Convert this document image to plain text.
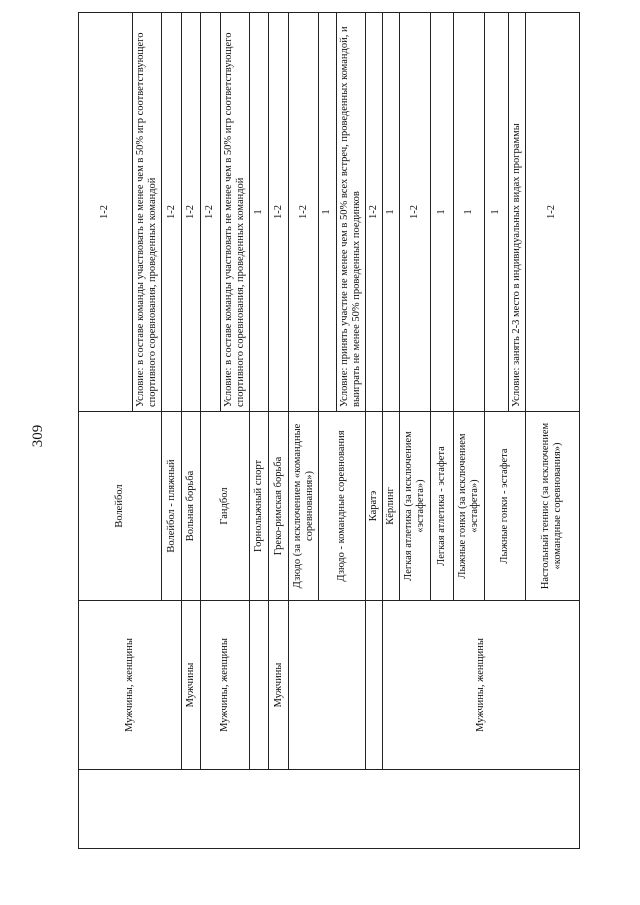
309
	Мужчины, женщины	Волейбол	1-2
			Условие: в составе команды участвовать не менее чем в 50% игр соответствующего спортивного соревнования, проведенных командой
		Волейбол - пляжный	1-2
	Мужчины	Вольная борьба	1-2
	Мужчины, женщины	Гандбол	1-2
			Условие: в составе команды участвовать не менее чем в 50% игр соответствующего спортивного соревнования, проведенных командой
		Горнолыжный спорт	1
	Мужчины	Греко-римская борьба	1-2
		Дзюдо (за исключением «командные соревнования»)	1-2
		Дзюдо - командные соревнования	1
			Условие: принять участие не менее чем в 50% всех встреч, проведенных командой, и выиграть не менее 50% проведенных поединков
		Каратэ	1-2
	Мужчины, женщины	Кёрлинг	1
		Легкая атлетика (за исключением «эстафета»)	1-2
		Легкая атлетика - эстафета	1
		Лыжные гонки (за исключением «эстафета»)	1
		Лыжные гонки - эстафета	1
			Условие: занять 2-3 место в индивидуальных видах программы
		Настольный теннис (за исключением «командные соревнования»)	1-2
